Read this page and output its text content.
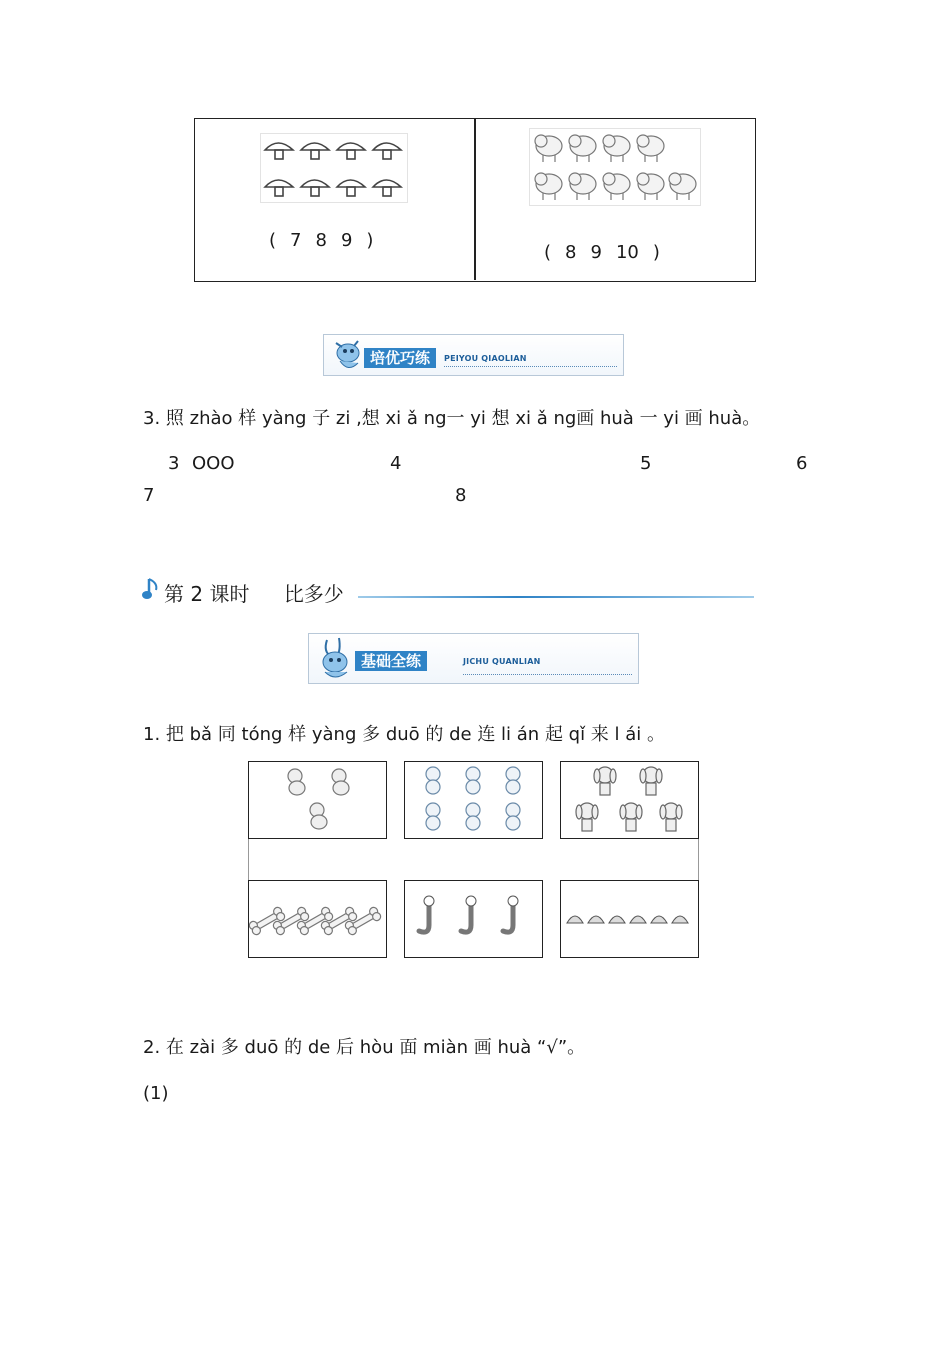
( 7 8 9 )
( 8 9 10 )
培优巧练	PEIYOU QIAOLIAN
3. 照 zhào 样 yàng 子 zi ,想 xi ǎ ng一 yi 想 xi ǎ ng画 huà 一 yi 画 huà。
3 OOO	4	5	6
7	8
第 2 课时 比多少
基础全练	JICHU QUANLIAN
1. 把 bǎ 同 tóng 样 yàng 多 duō 的 de 连 li án 起 qǐ 来 l ái 。
2. 在 zài 多 duō 的 de 后 hòu 面 miàn 画 huà “√”。
(1)
